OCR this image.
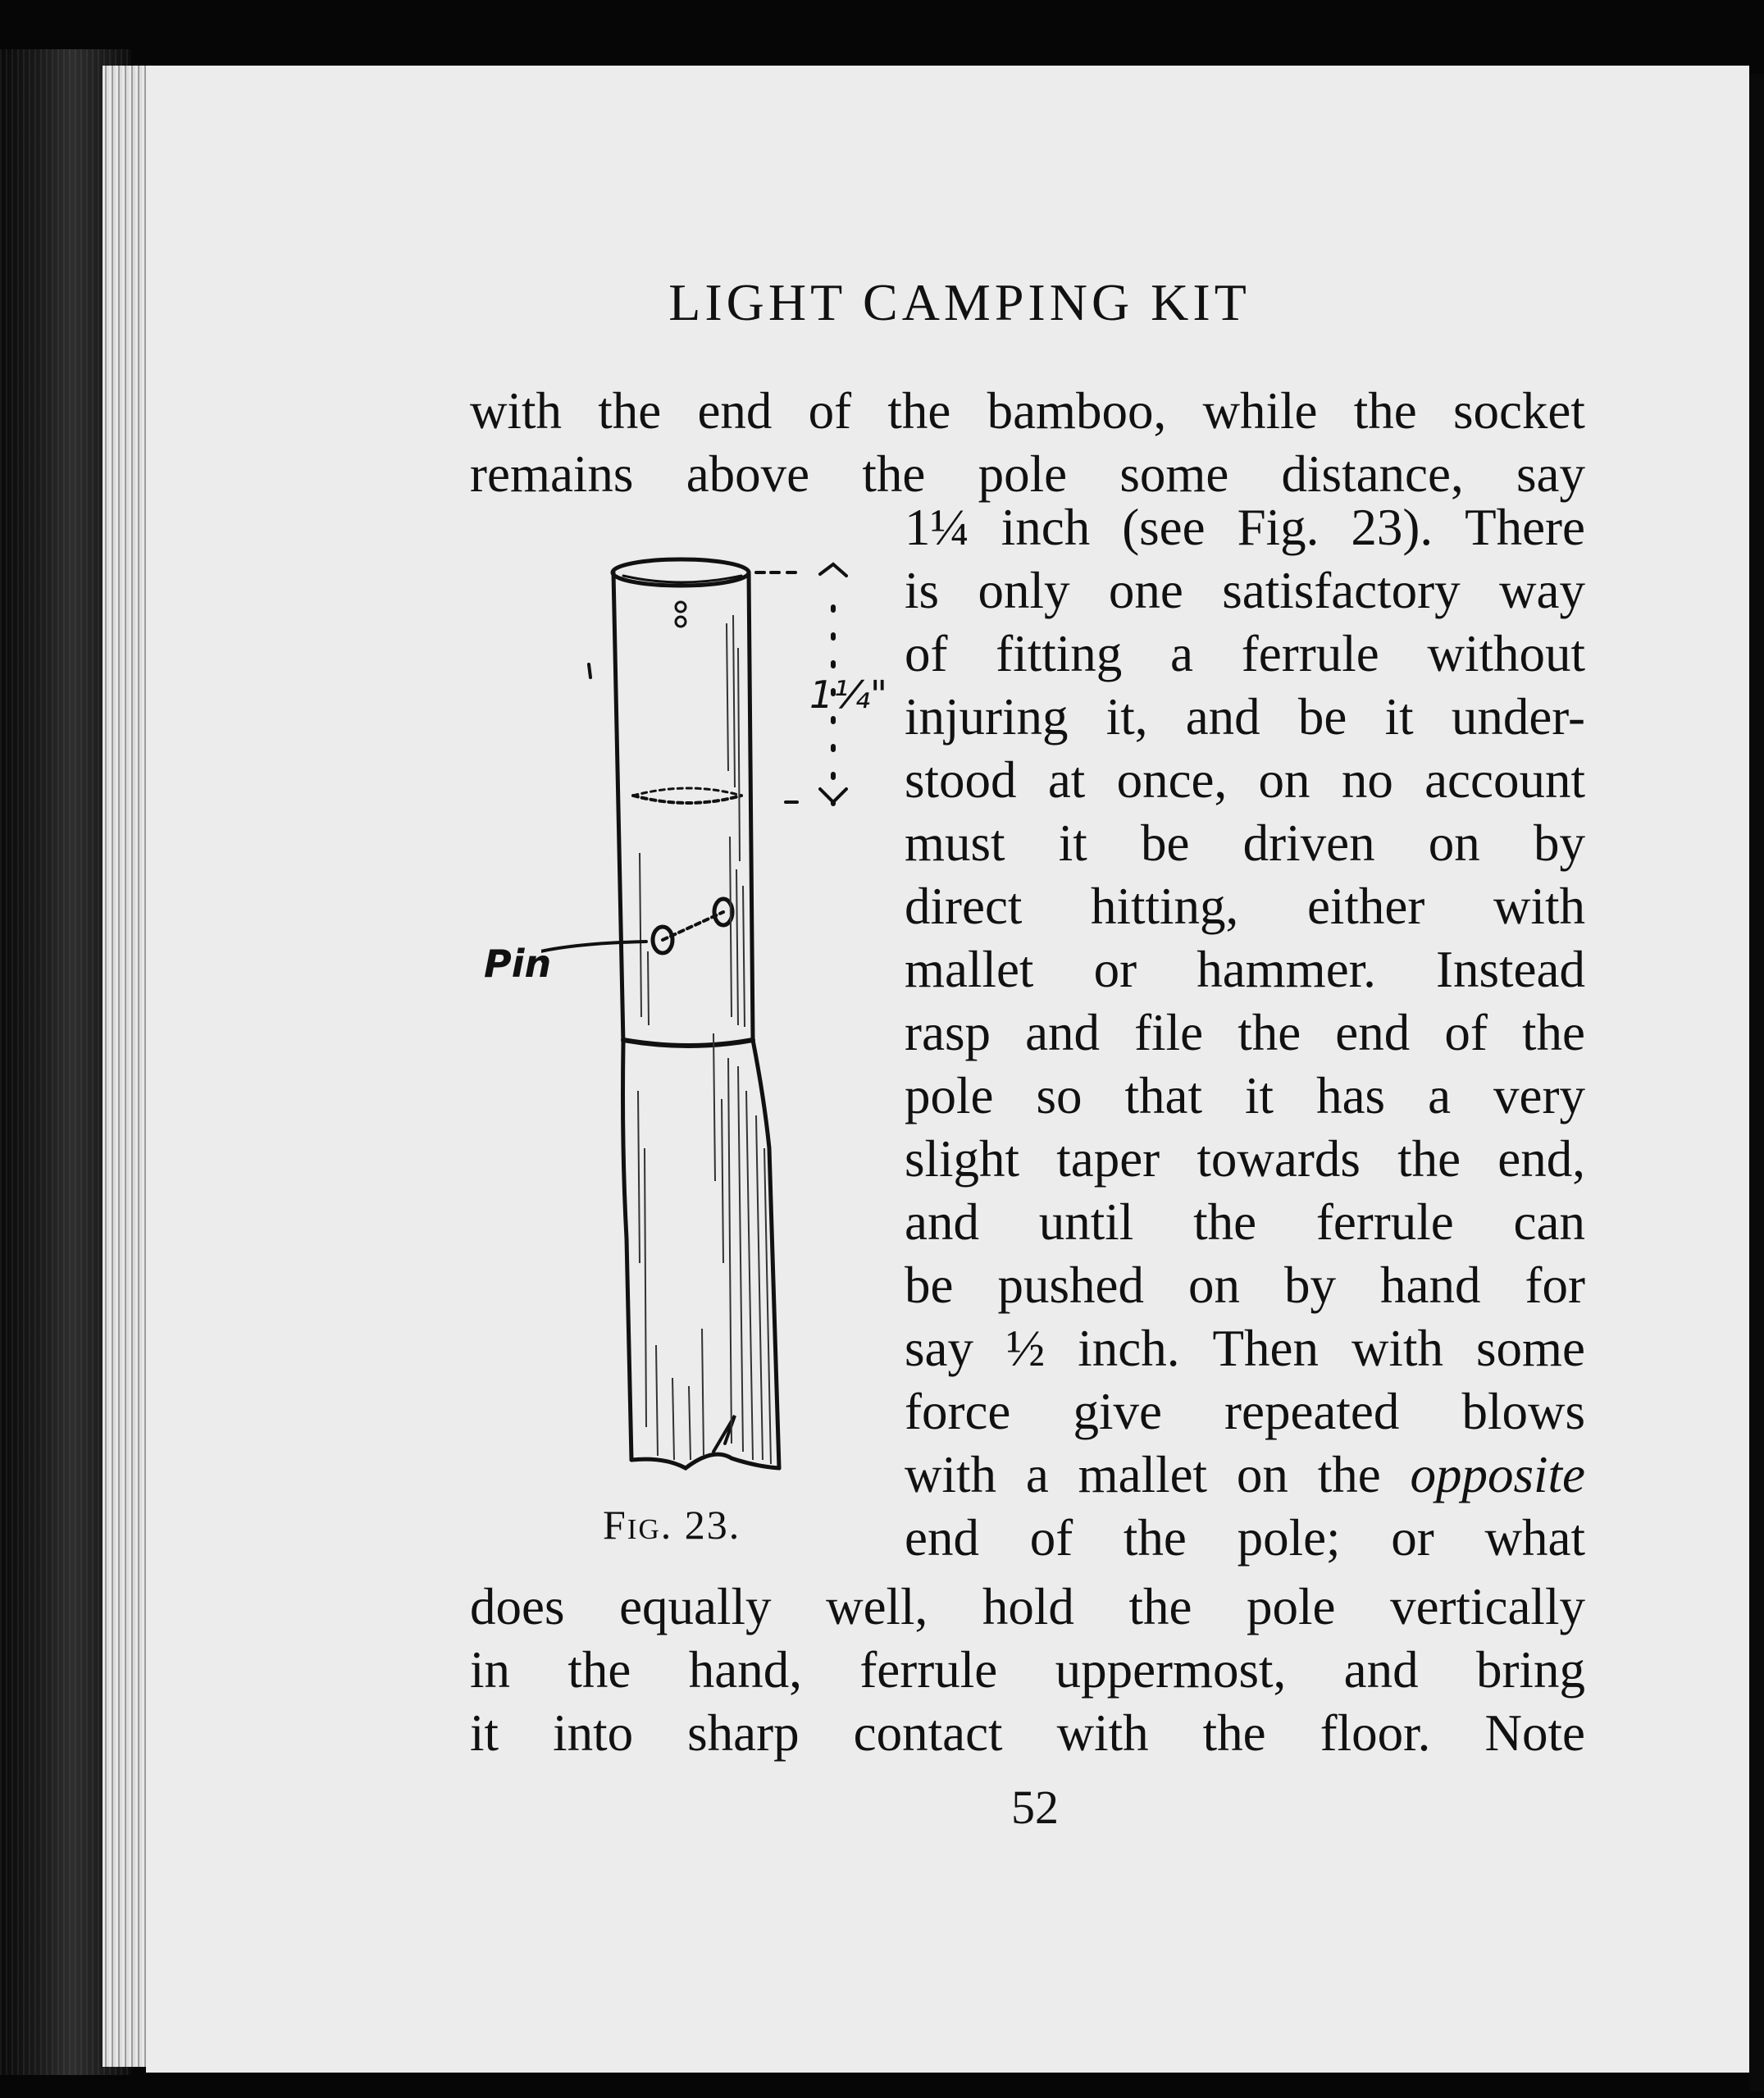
LIGHT CAMPING KIT

with the end of the bamboo, while the socket

remains above the pole some distance, say

1¼ inch (see Fig. 23). There

is only one satisfactory way

of fitting a ferrule without

injuring it, and be it under-

stood at once, on no account

must it be driven on by

direct hitting, either with

mallet or hammer. Instead

rasp and file the end of the

pole so that it has a very

slight taper towards the end,

and until the ferrule can

be pushed on by hand for

say ½ inch. Then with some

force give repeated blows

with a mallet on the opposite

end of the pole; or what

does equally well, hold the pole vertically

in the hand, ferrule uppermost, and bring

it into sharp contact with the floor. Note

Pin
1¼"

Fig. 23.

52
